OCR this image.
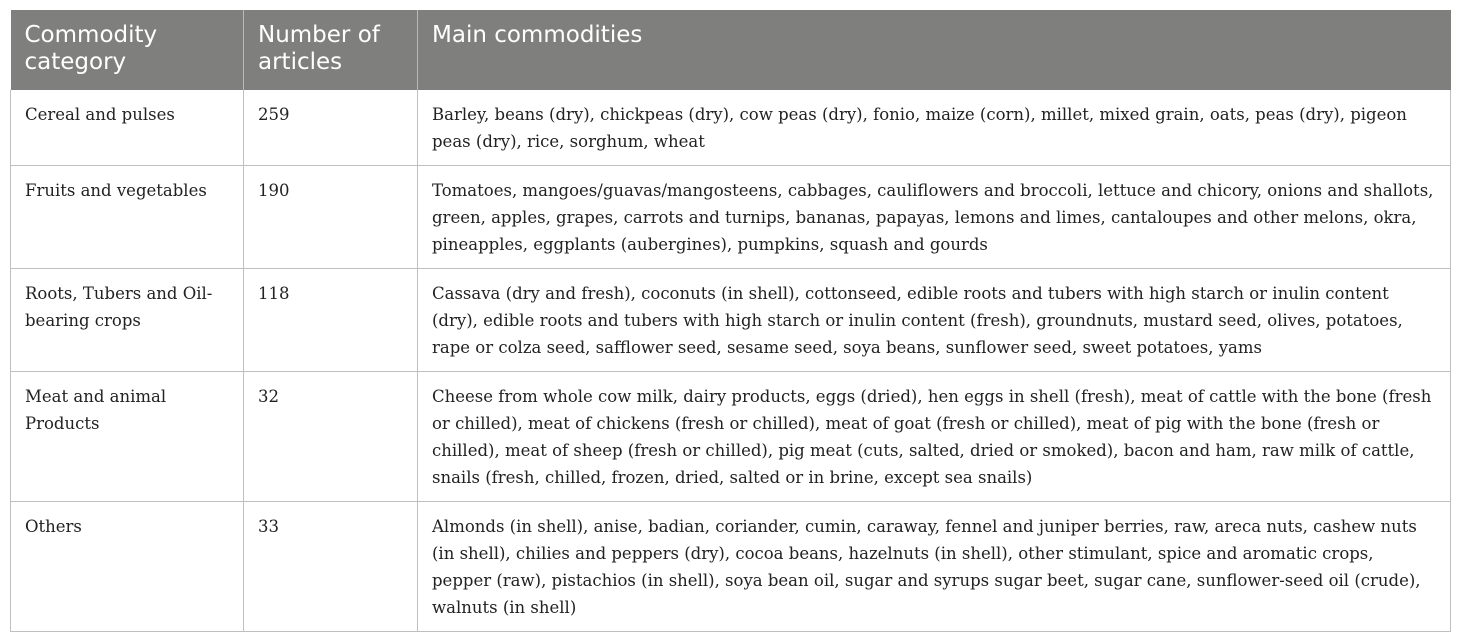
Commodity category	Number of articles	Main commodities
Cereal and pulses	259	Barley, beans (dry), chickpeas (dry), cow peas (dry), fonio, maize (corn), millet, mixed grain, oats, peas (dry), pigeon peas (dry), rice, sorghum, wheat
Fruits and vegetables	190	Tomatoes, mangoes/guavas/mangosteens, cabbages, cauliflowers and broccoli, lettuce and chicory, onions and shallots, green, apples, grapes, carrots and turnips, bananas, papayas, lemons and limes, cantaloupes and other melons, okra, pineapples, eggplants (aubergines), pumpkins, squash and gourds
Roots, Tubers and Oil-bearing crops	118	Cassava (dry and fresh), coconuts (in shell), cottonseed, edible roots and tubers with high starch or inulin content (dry), edible roots and tubers with high starch or inulin content (fresh), groundnuts, mustard seed, olives, potatoes, rape or colza seed, safflower seed, sesame seed, soya beans, sunflower seed, sweet potatoes, yams
Meat and animal Products	32	Cheese from whole cow milk, dairy products, eggs (dried), hen eggs in shell (fresh), meat of cattle with the bone (fresh or chilled), meat of chickens (fresh or chilled), meat of goat (fresh or chilled), meat of pig with the bone (fresh or chilled), meat of sheep (fresh or chilled), pig meat (cuts, salted, dried or smoked), bacon and ham, raw milk of cattle, snails (fresh, chilled, frozen, dried, salted or in brine, except sea snails)
Others	33	Almonds (in shell), anise, badian, coriander, cumin, caraway, fennel and juniper berries, raw, areca nuts, cashew nuts (in shell), chilies and peppers (dry), cocoa beans, hazelnuts (in shell), other stimulant, spice and aromatic crops, pepper (raw), pistachios (in shell), soya bean oil, sugar and syrups sugar beet, sugar cane, sunflower-seed oil (crude), walnuts (in shell)
